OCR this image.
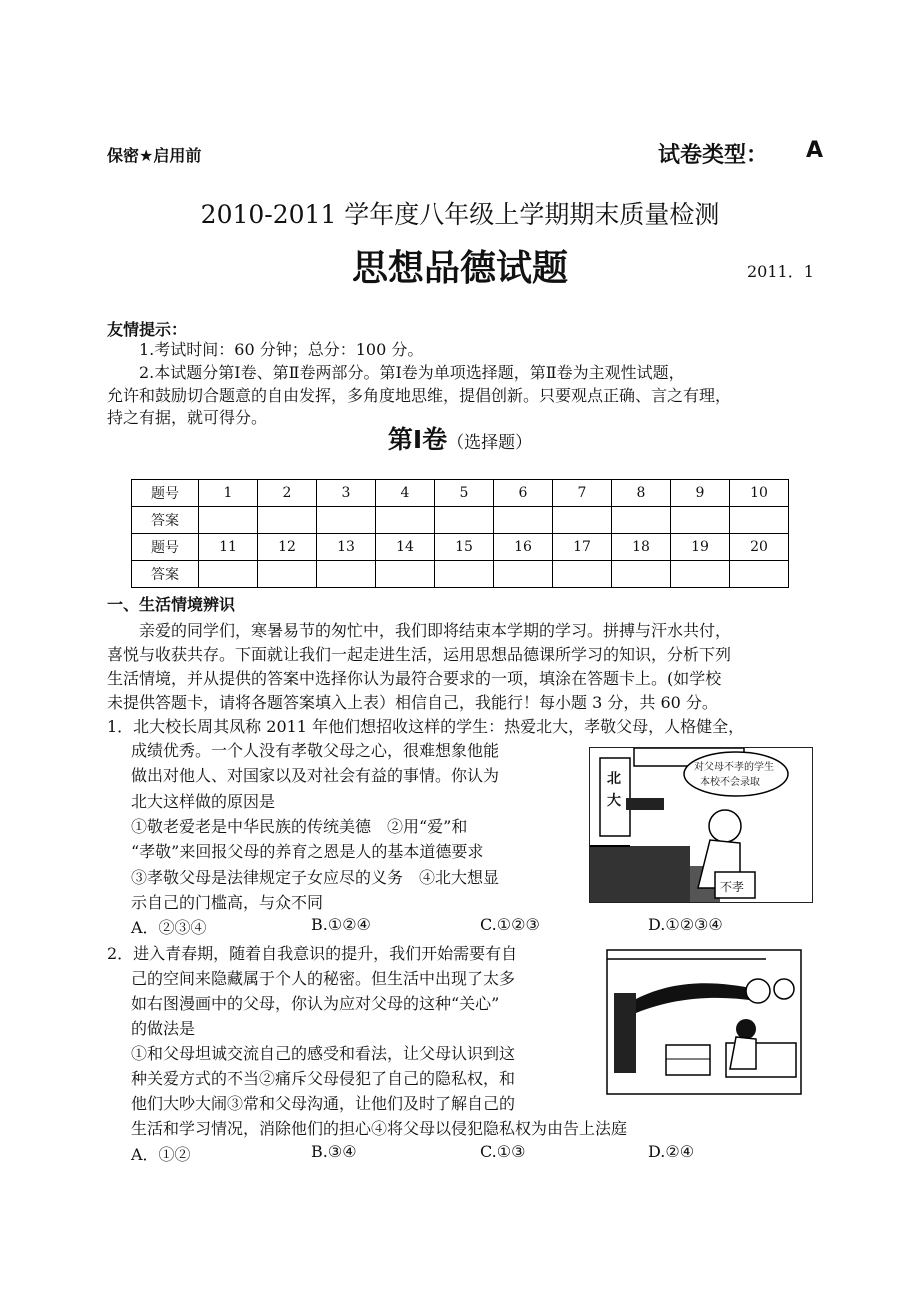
保密★启用前	试卷类型： A
2010-2011 学年度八年级上学期期末质量检测
思想品德试题	2011．1
友情提示：
1.考试时间：60 分钟；总分：100 分。
2.本试题分第Ⅰ卷、第Ⅱ卷两部分。第Ⅰ卷为单项选择题，第Ⅱ卷为主观性试题，
允许和鼓励切合题意的自由发挥，多角度地思维，提倡创新。只要观点正确、言之有理，
持之有据，就可得分。
第Ⅰ卷（选择题）
题号	1	2	3	4	5	6	7	8	9	10
答案										
题号	11	12	13	14	15	16	17	18	19	20
答案										
一、生活情境辨识
亲爱的同学们，寒暑易节的匆忙中，我们即将结束本学期的学习。拼搏与汗水共付，
喜悦与收获共存。下面就让我们一起走进生活，运用思想品德课所学习的知识，分析下列
生活情境，并从提供的答案中选择你认为最符合要求的一项，填涂在答题卡上。(如学校
未提供答题卡，请将各题答案填入上表）相信自己，我能行！每小题 3 分，共 60 分。
1．北大校长周其凤称 2011 年他们想招收这样的学生：热爱北大，孝敬父母，人格健全，
成绩优秀。一个人没有孝敬父母之心，很难想象他能
做出对他人、对国家以及对社会有益的事情。你认为
北大这样做的原因是
①敬老爱老是中华民族的传统美德　②用“爱”和
“孝敬”来回报父母的养育之恩是人的基本道德要求
③孝敬父母是法律规定子女应尽的义务　④北大想显
示自己的门槛高，与众不同
A．②③④	B.①②④	C.①②③	D.①②③④
对父母不孝的学生
本校不会录取
北大
不孝
2．进入青春期，随着自我意识的提升，我们开始需要有自
己的空间来隐藏属于个人的秘密。但生活中出现了太多
如右图漫画中的父母，你认为应对父母的这种“关心”
的做法是
①和父母坦诚交流自己的感受和看法，让父母认识到这
种关爱方式的不当②痛斥父母侵犯了自己的隐私权，和
他们大吵大闹③常和父母沟通，让他们及时了解自己的
生活和学习情况，消除他们的担心④将父母以侵犯隐私权为由告上法庭
A．①②	B.③④	C.①③	D.②④
